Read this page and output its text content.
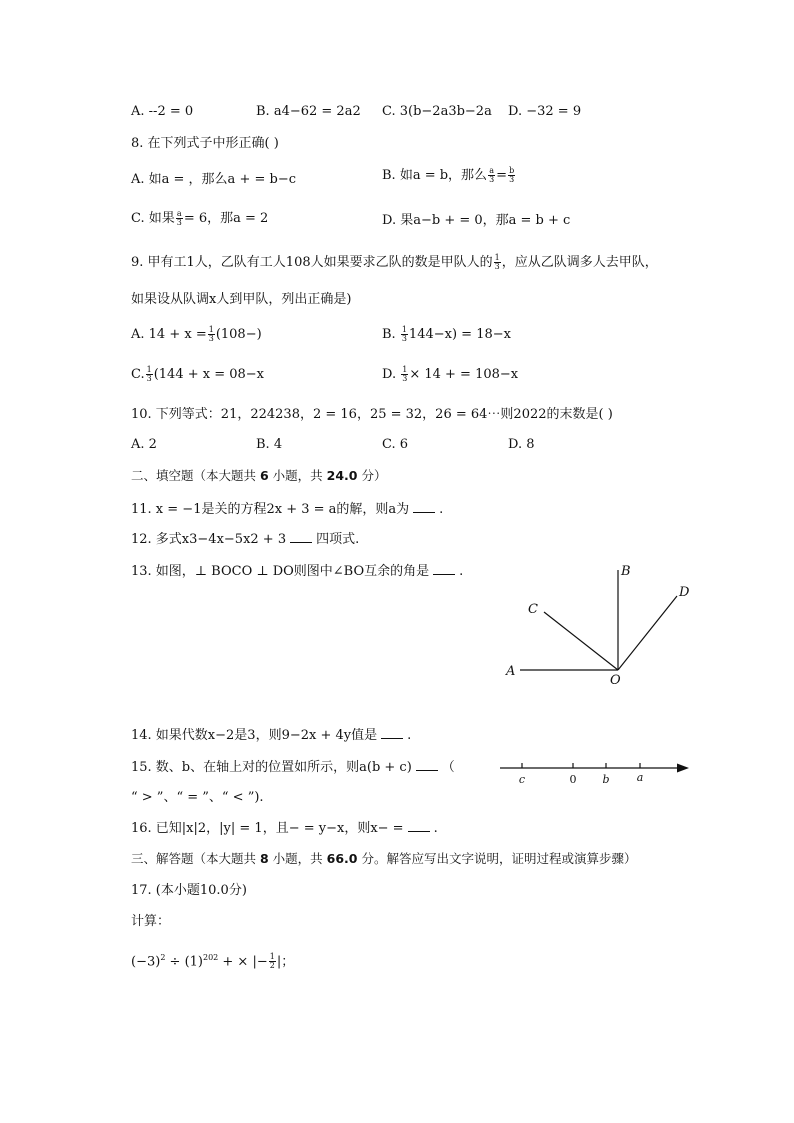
A. --2 = 0	B. a4−62 = 2a2 C. 3(b−2a3b−2a D. −32 = 9
8. 在下列式子中形正确( )
A. 如a = ，那么a + = b−c	B. 如a = b，那么 $\frac{a}{3} = \frac{b}{3}$
C. 如果 $\frac{a}{3} = 6$，那a = 2	D. 果a−b + = 0，那a = b + c
9. 甲有工1人，乙队有工人108人如果要求乙队的数是甲队人的 $\frac{1}{3}$ ，应从乙队调多人去甲队，
如果设从队调x人到甲队，列出正确是)
A. $14 + x = \frac{1}{3} (108-)$	B. $\frac{1}{3} 144-x) = 18-x$
C. $\frac{1}{3} (144 + x = 08-x$	D. $\frac{1}{3} \times 14$ + = 108−x
10. 下列等式：21，224238，2 = 16，25 = 32，26 = 64⋯则2022的末数是( )
A. 2	B. 4	C. 6	D. 8
二、填空题（本大题共 6 小题，共 24.0 分）
11. x = −1是关的方程2x + 3 = a的解，则a为 .
12. 多式x3−4x−5x2 + 3 四项式.
13. 如图，⊥ BOCO ⊥ DO则图中∠BO互余的角是 .
A
B
C
D
O
14. 如果代数x−2是3，则9−2x + 4y值是 .
15. 数、b、在轴上对的位置如所示，则a(b + c) （
“ > ”、“ = ”、“ < ”).
c	0 b a
16. 已知|x|2，|y| = 1，且− = y−x，则x− = .
三、解答题（本大题共 8 小题，共 66.0 分。解答应写出文字说明，证明过程或演算步骤）
17. (本小题10.0分)
计算：
$(-3)^2 \div (1)^{202}$ + × |− $\frac{1}{2}$ |；
